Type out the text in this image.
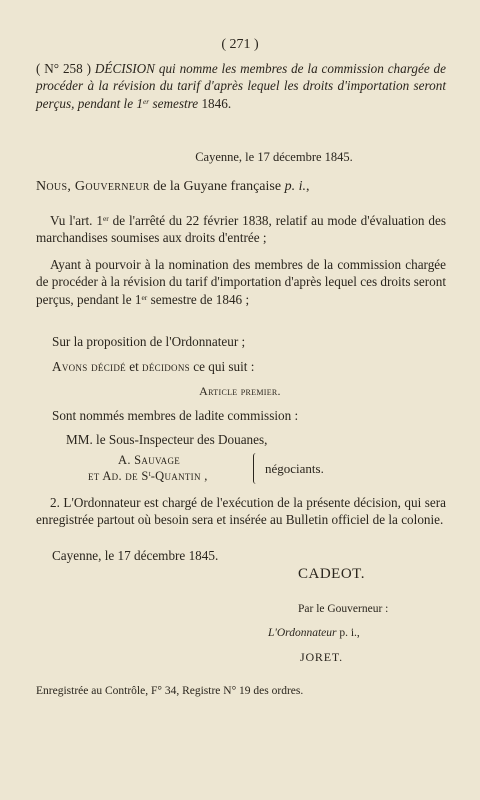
( 271 )
( N° 258 ) DÉCISION qui nomme les membres de la commission chargée de procéder à la révision du tarif d'après lequel les droits d'importation seront perçus, pendant le 1er semestre 1846.
Cayenne, le 17 décembre 1845.
Nous, Gouverneur de la Guyane française p. i.,
Vu l'art. 1er de l'arrêté du 22 février 1838, relatif au mode d'évaluation des marchandises soumises aux droits d'entrée ;
Ayant à pourvoir à la nomination des membres de la commission chargée de procéder à la révision du tarif d'importation d'après lequel ces droits seront perçus, pendant le 1er semestre de 1846 ;
Sur la proposition de l'Ordonnateur ;
Avons décidé et décidons ce qui suit :
Article premier.
Sont nommés membres de ladite commission :
MM. le Sous-Inspecteur des Douanes,
A. Sauvage
et Ad. de $S^t$-Quantin ,	négociants.
2. L'Ordonnateur est chargé de l'exécution de la présente décision, qui sera enregistrée partout où besoin sera et insérée au Bulletin officiel de la colonie.
Cayenne, le 17 décembre 1845.
CADEOT.
Par le Gouverneur :
L'Ordonnateur p. i.,
JORET.
Enregistrée au Contrôle, F° 34, Registre N° 19 des ordres.
